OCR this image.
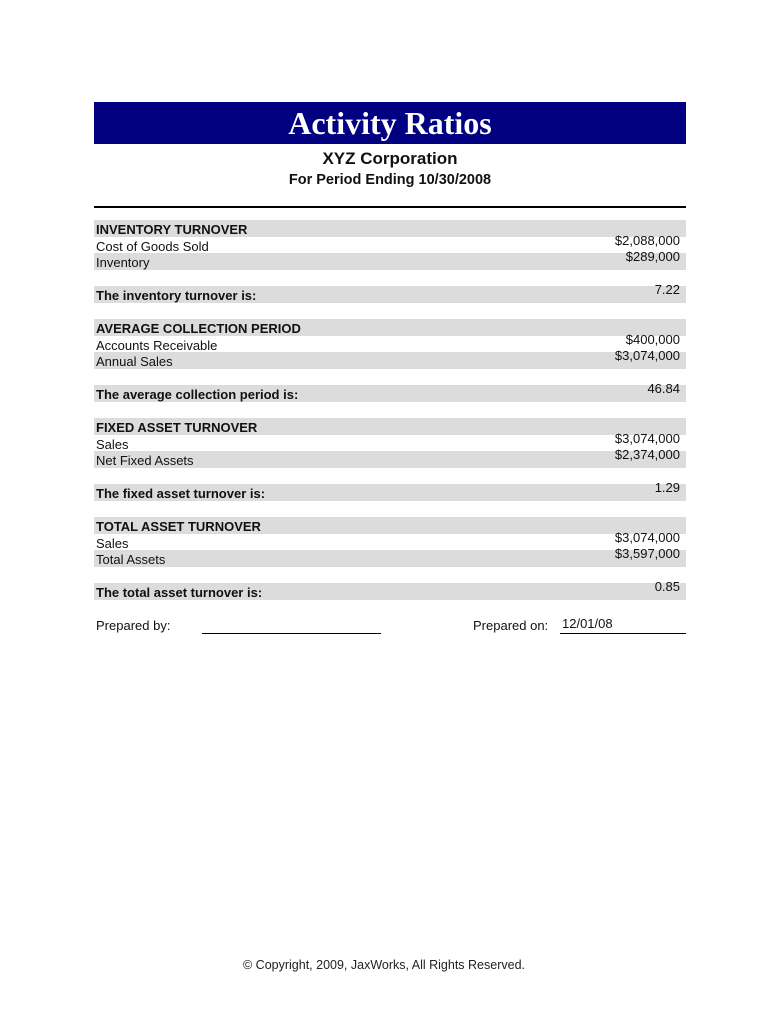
Activity Ratios
XYZ Corporation
For Period Ending 10/30/2008
INVENTORY TURNOVER
Cost of Goods Sold	$2,088,000
Inventory	$289,000
The inventory turnover is:	7.22
AVERAGE COLLECTION PERIOD
Accounts Receivable	$400,000
Annual Sales	$3,074,000
The average collection period is:	46.84
FIXED ASSET TURNOVER
Sales	$3,074,000
Net Fixed Assets	$2,374,000
The fixed asset turnover is:	1.29
TOTAL ASSET TURNOVER
Sales	$3,074,000
Total Assets	$3,597,000
The total asset turnover is:	0.85
Prepared by:	Prepared on: 12/01/08
© Copyright, 2009, JaxWorks, All Rights Reserved.
